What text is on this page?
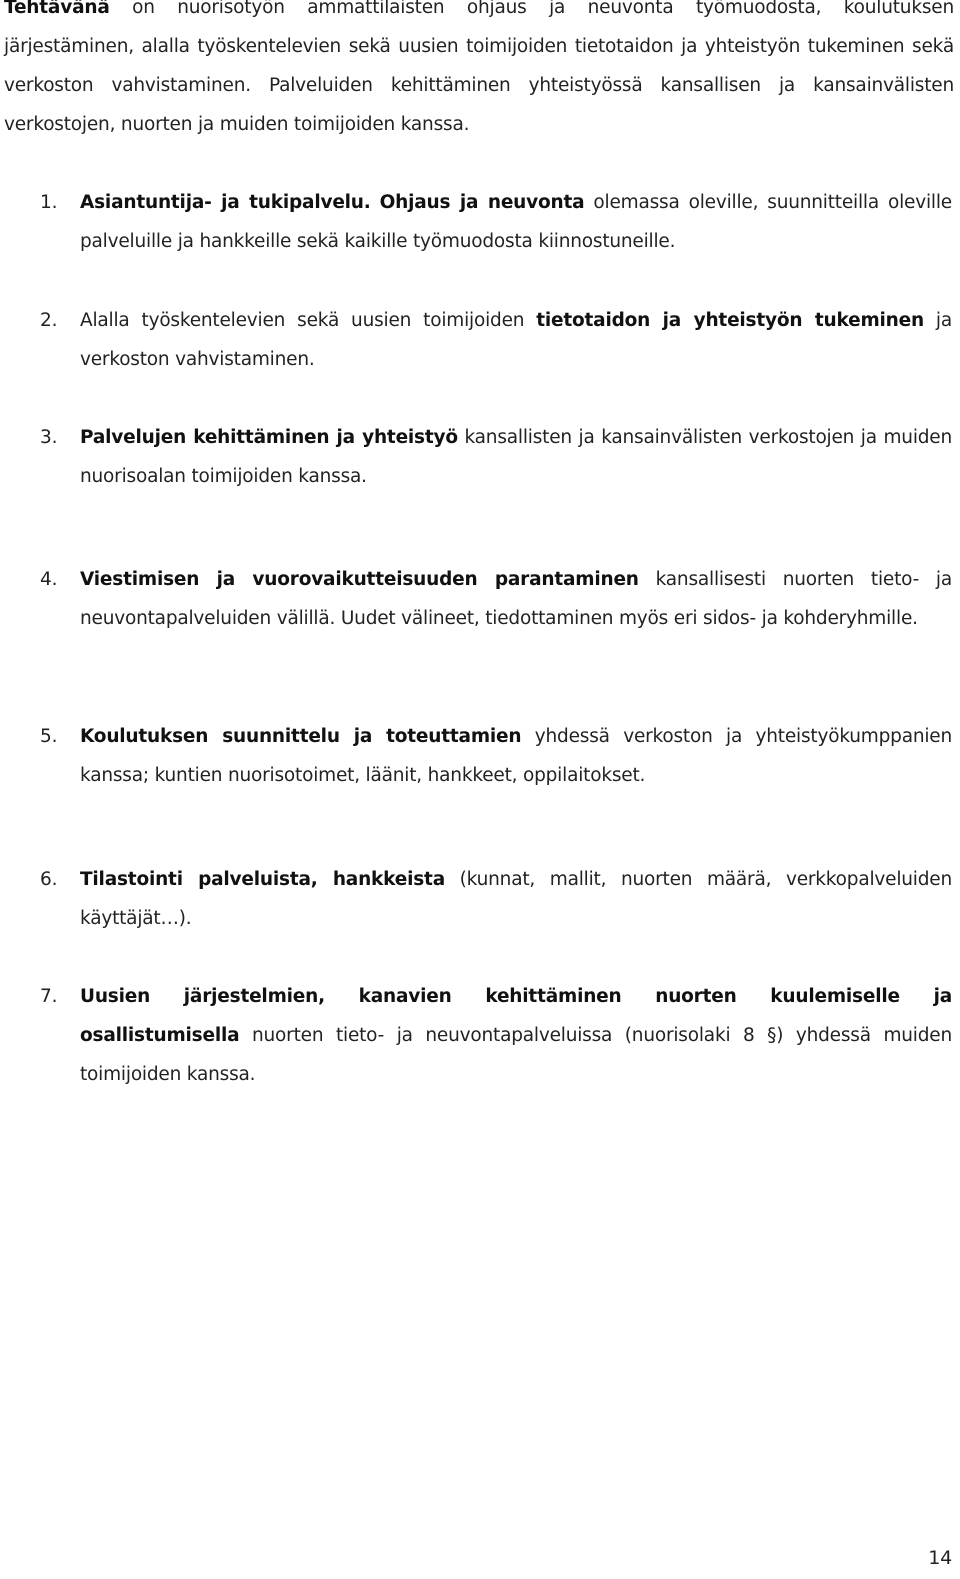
Tehtävänä on nuorisotyön ammattilaisten ohjaus ja neuvonta työmuodosta, koulutuksen järjestäminen, alalla työskentelevien sekä uusien toimijoiden tietotaidon ja yhteistyön tukeminen sekä verkoston vahvistaminen. Palveluiden kehittäminen yhteistyössä kansallisen ja kansainvälisten verkostojen, nuorten ja muiden toimijoiden kanssa.

1.	Asiantuntija- ja tukipalvelu. Ohjaus ja neuvonta olemassa oleville, suunnitteilla oleville palveluille ja hankkeille sekä kaikille työmuodosta kiinnostuneille.

2.	Alalla työskentelevien sekä uusien toimijoiden tietotaidon ja yhteistyön tukeminen ja verkoston vahvistaminen.

3.	Palvelujen kehittäminen ja yhteistyö kansallisten ja kansainvälisten verkostojen ja muiden nuorisoalan toimijoiden kanssa.

4.	Viestimisen ja vuorovaikutteisuuden parantaminen kansallisesti nuorten tieto- ja neuvontapalveluiden välillä. Uudet välineet, tiedottaminen myös eri sidos- ja kohderyhmille.

5.	Koulutuksen suunnittelu ja toteuttamien yhdessä verkoston ja yhteistyökumppanien kanssa; kuntien nuorisotoimet, läänit, hankkeet, oppilaitokset.

6.	Tilastointi palveluista, hankkeista (kunnat, mallit, nuorten määrä, verkkopalveluiden käyttäjät…).

7.	Uusien järjestelmien, kanavien kehittäminen nuorten kuulemiselle ja osallistumisella nuorten tieto- ja neuvontapalveluissa (nuorisolaki 8 §) yhdessä muiden toimijoiden kanssa.

14
